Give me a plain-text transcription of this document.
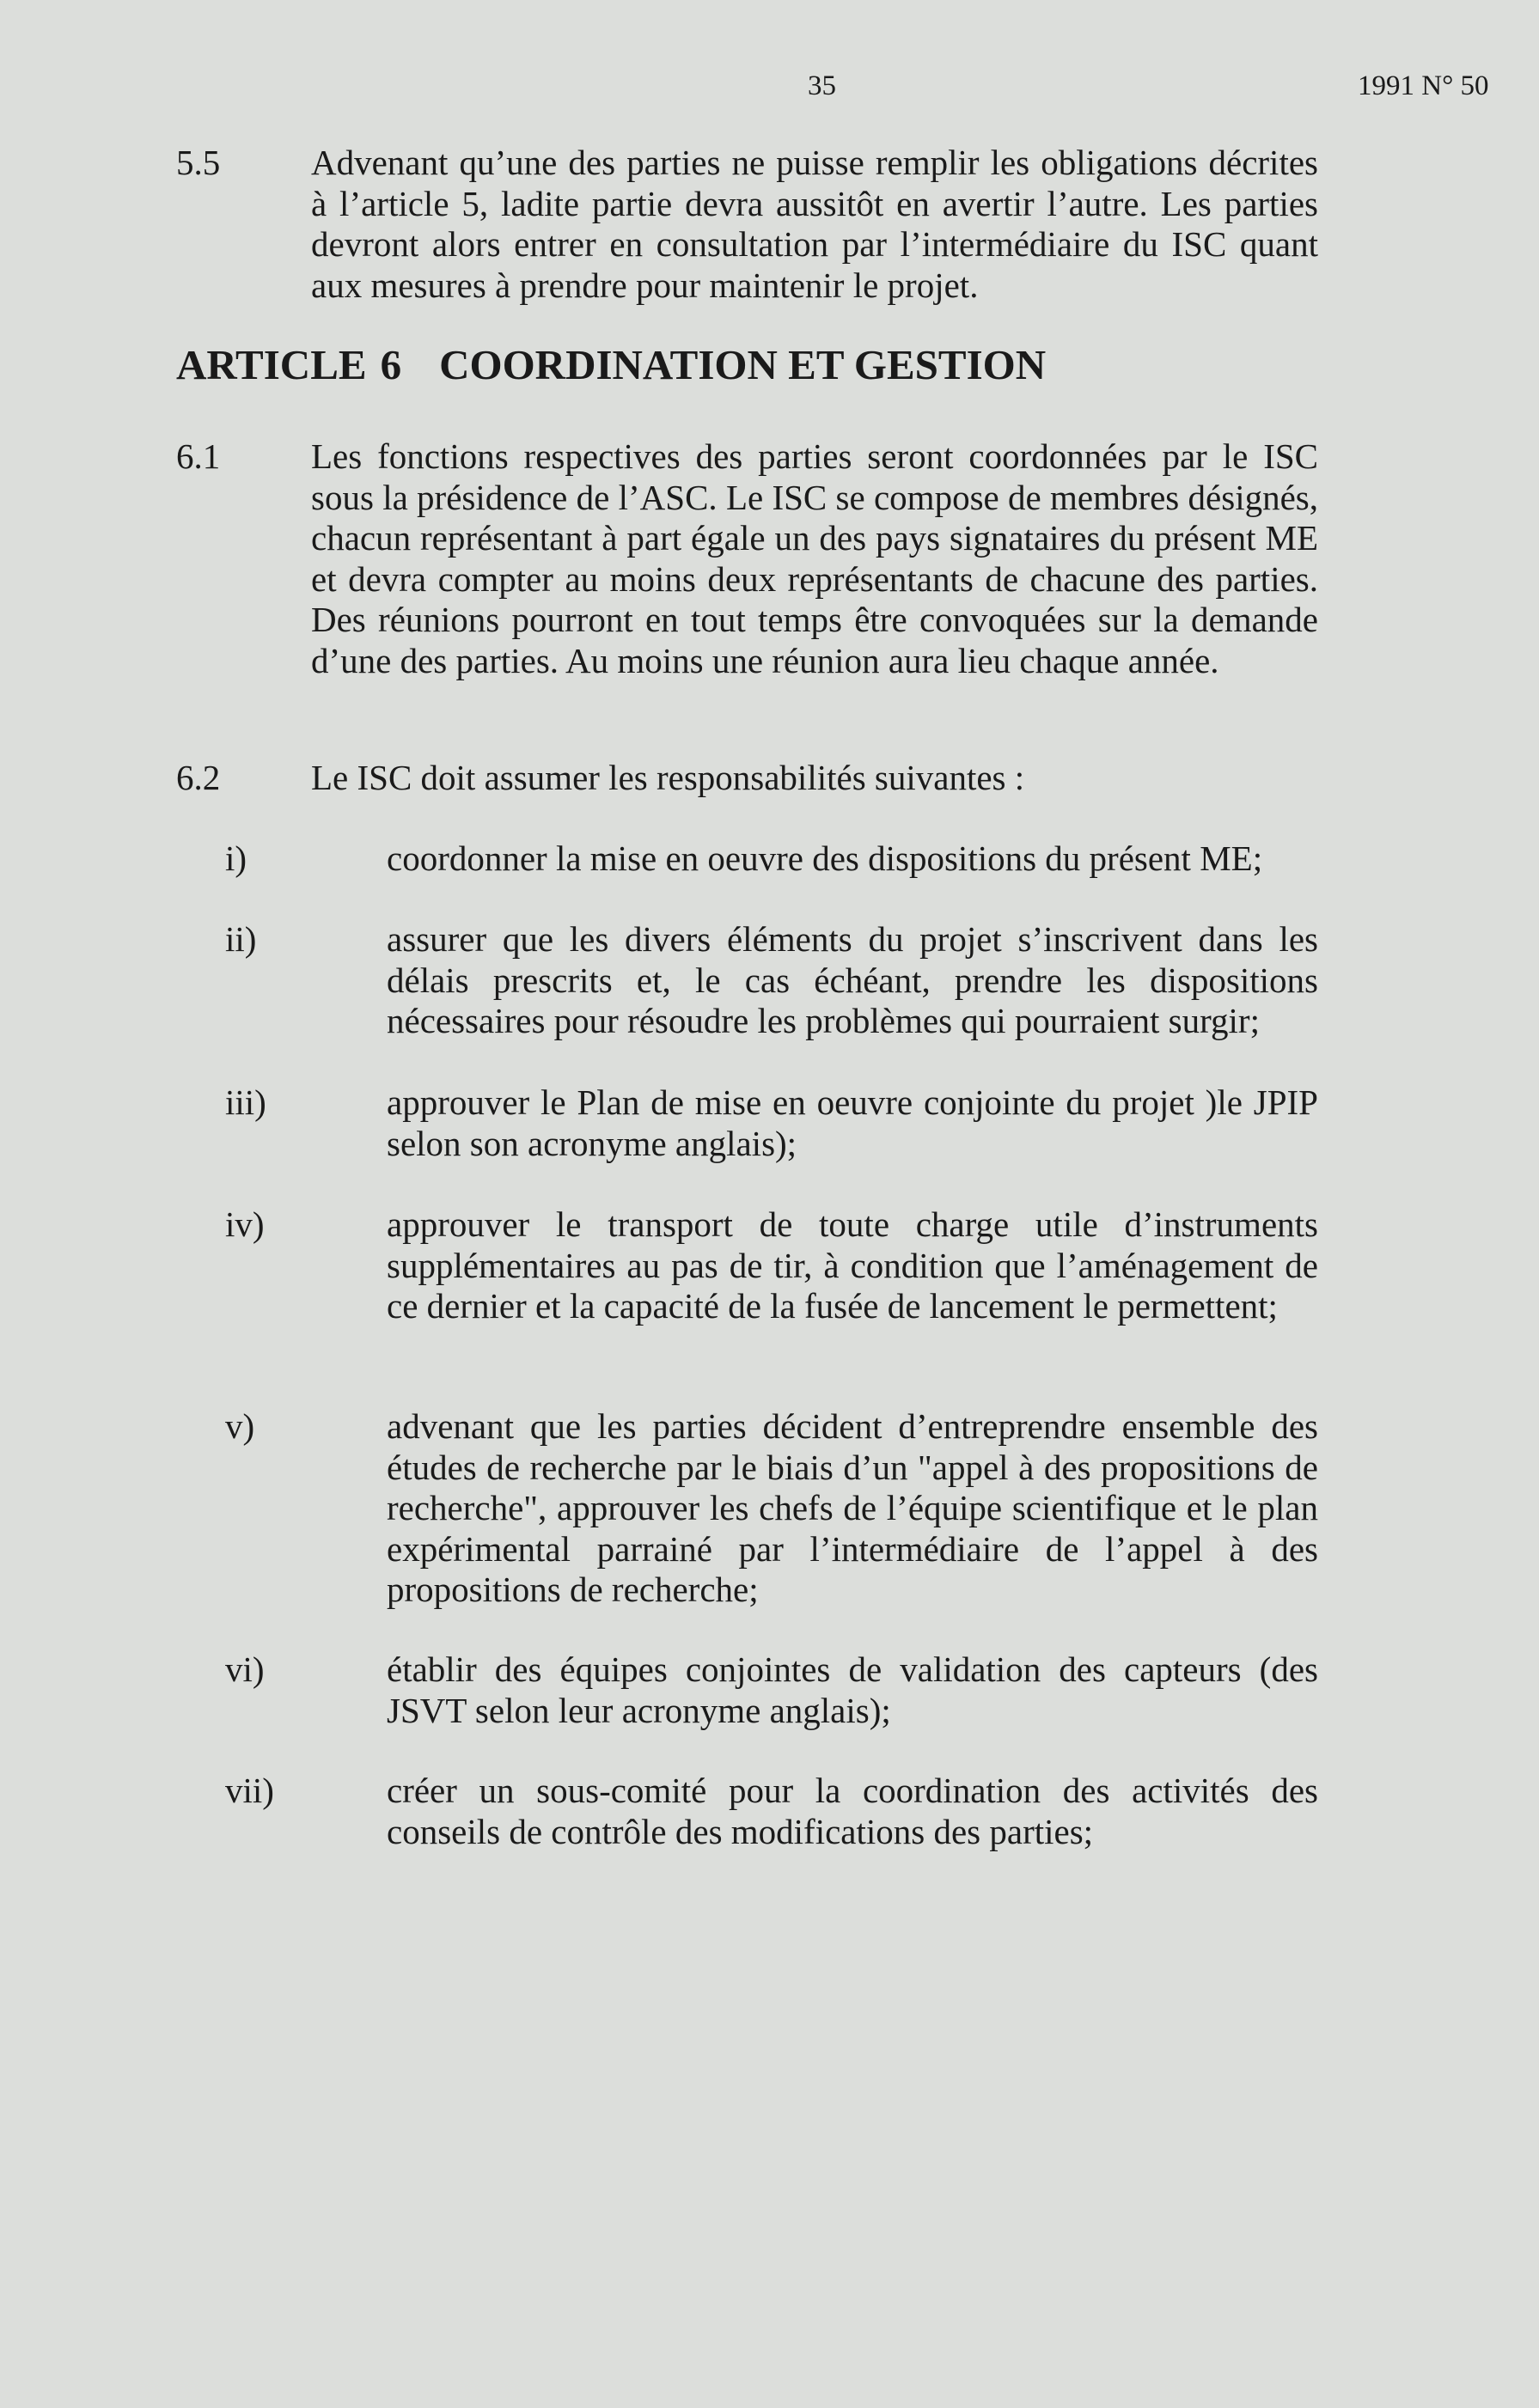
35	1991 N° 50
5.5	Advenant qu’une des parties ne puisse remplir les obligations décrites à l’article 5, ladite partie devra aussitôt en avertir l’autre. Les parties devront alors entrer en consultation par l’intermédiaire du ISC quant aux mesures à prendre pour maintenir le projet.
ARTICLE 6 COORDINATION ET GESTION
6.1	Les fonctions respectives des parties seront coordonnées par le ISC sous la présidence de l’ASC. Le ISC se compose de membres désignés, chacun représentant à part égale un des pays signataires du présent ME et devra compter au moins deux représentants de chacune des parties. Des réunions pourront en tout temps être convoquées sur la demande d’une des parties. Au moins une réunion aura lieu chaque année.
6.2	Le ISC doit assumer les responsabilités suivantes :
i)	coordonner la mise en oeuvre des dispositions du présent ME;
ii)	assurer que les divers éléments du projet s’inscrivent dans les délais prescrits et, le cas échéant, prendre les dispositions nécessaires pour résoudre les problèmes qui pourraient surgir;
iii)	approuver le Plan de mise en oeuvre conjointe du projet )le JPIP selon son acronyme anglais);
iv)	approuver le transport de toute charge utile d’instruments supplémentaires au pas de tir, à condition que l’aménagement de ce dernier et la capacité de la fusée de lancement le permettent;
v)	advenant que les parties décident d’entreprendre ensemble des études de recherche par le biais d’un "appel à des propositions de recherche", approuver les chefs de l’équipe scientifique et le plan expérimental parrainé par l’intermédiaire de l’appel à des propositions de recherche;
vi)	établir des équipes conjointes de validation des capteurs (des JSVT selon leur acronyme anglais);
vii)	créer un sous-comité pour la coordination des activités des conseils de contrôle des modifications des parties;
